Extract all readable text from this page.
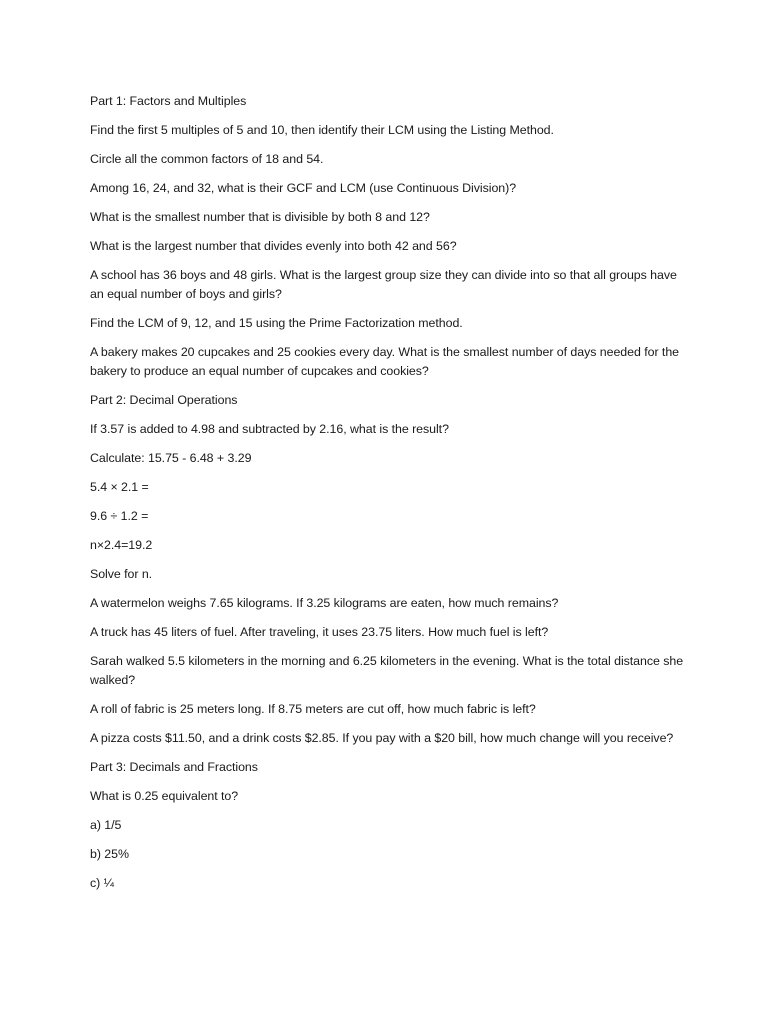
Part 1: Factors and Multiples

Find the first 5 multiples of 5 and 10, then identify their LCM using the Listing Method.

Circle all the common factors of 18 and 54.

Among 16, 24, and 32, what is their GCF and LCM (use Continuous Division)?

What is the smallest number that is divisible by both 8 and 12?

What is the largest number that divides evenly into both 42 and 56?

A school has 36 boys and 48 girls. What is the largest group size they can divide into so that all groups have an equal number of boys and girls?

Find the LCM of 9, 12, and 15 using the Prime Factorization method.

A bakery makes 20 cupcakes and 25 cookies every day. What is the smallest number of days needed for the bakery to produce an equal number of cupcakes and cookies?

Part 2: Decimal Operations

If 3.57 is added to 4.98 and subtracted by 2.16, what is the result?

Calculate: 15.75 - 6.48 + 3.29

5.4 × 2.1 =

9.6 ÷ 1.2 =

n×2.4=19.2

Solve for n.

A watermelon weighs 7.65 kilograms. If 3.25 kilograms are eaten, how much remains?

A truck has 45 liters of fuel. After traveling, it uses 23.75 liters. How much fuel is left?

Sarah walked 5.5 kilometers in the morning and 6.25 kilometers in the evening. What is the total distance she walked?

A roll of fabric is 25 meters long. If 8.75 meters are cut off, how much fabric is left?

A pizza costs $11.50, and a drink costs $2.85. If you pay with a $20 bill, how much change will you receive?

Part 3: Decimals and Fractions

What is 0.25 equivalent to?

a) 1/5

b) 25%

c) ¼
